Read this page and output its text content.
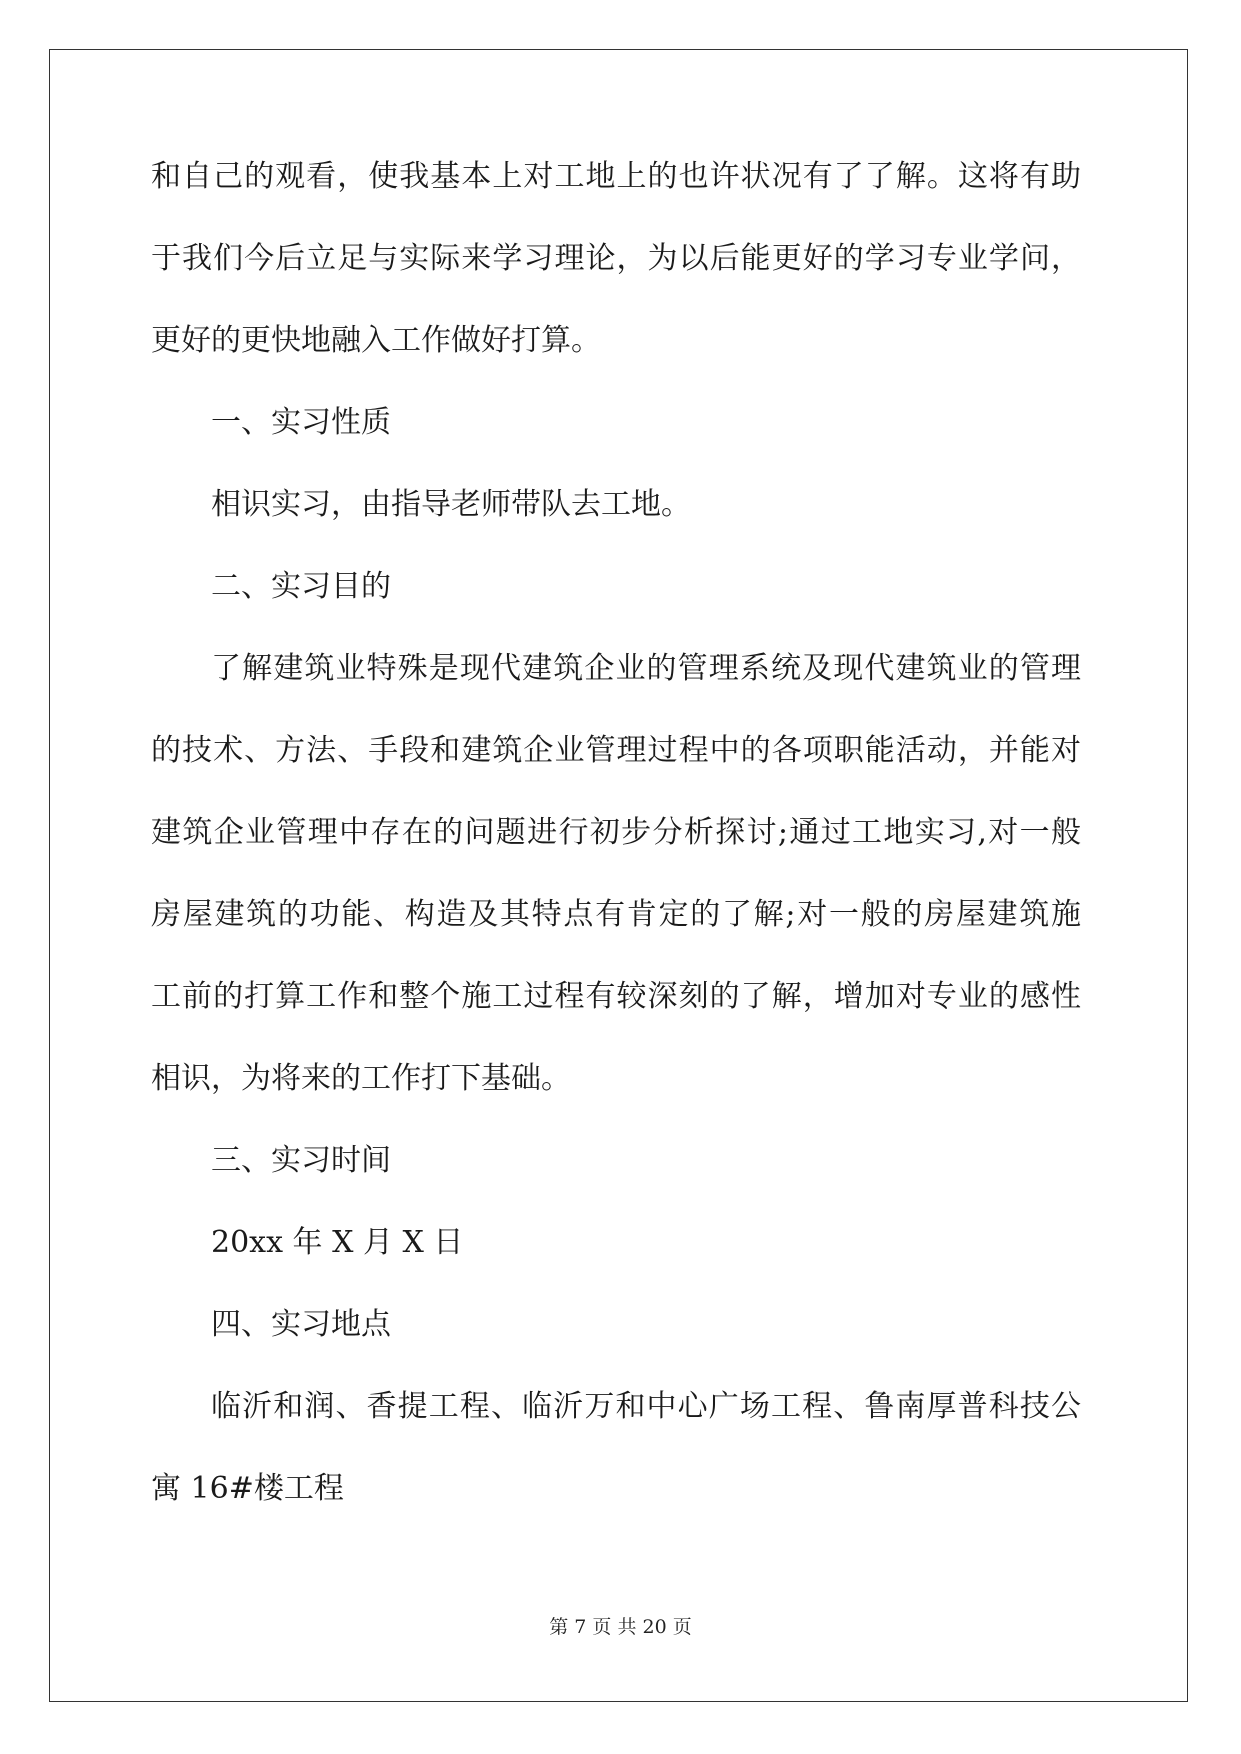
和自己的观看，使我基本上对工地上的也许状况有了了解。这将有助
于我们今后立足与实际来学习理论，为以后能更好的学习专业学问，
更好的更快地融入工作做好打算。
一、实习性质
相识实习，由指导老师带队去工地。
二、实习目的
了解建筑业特殊是现代建筑企业的管理系统及现代建筑业的管理
的技术、方法、手段和建筑企业管理过程中的各项职能活动，并能对
建筑企业管理中存在的问题进行初步分析探讨;通过工地实习,对一般
房屋建筑的功能、构造及其特点有肯定的了解;对一般的房屋建筑施
工前的打算工作和整个施工过程有较深刻的了解，增加对专业的感性
相识，为将来的工作打下基础。
三、实习时间
20xx 年 X 月 X 日
四、实习地点
临沂和润、香提工程、临沂万和中心广场工程、鲁南厚普科技公
寓 16#楼工程
第 7 页 共 20 页
